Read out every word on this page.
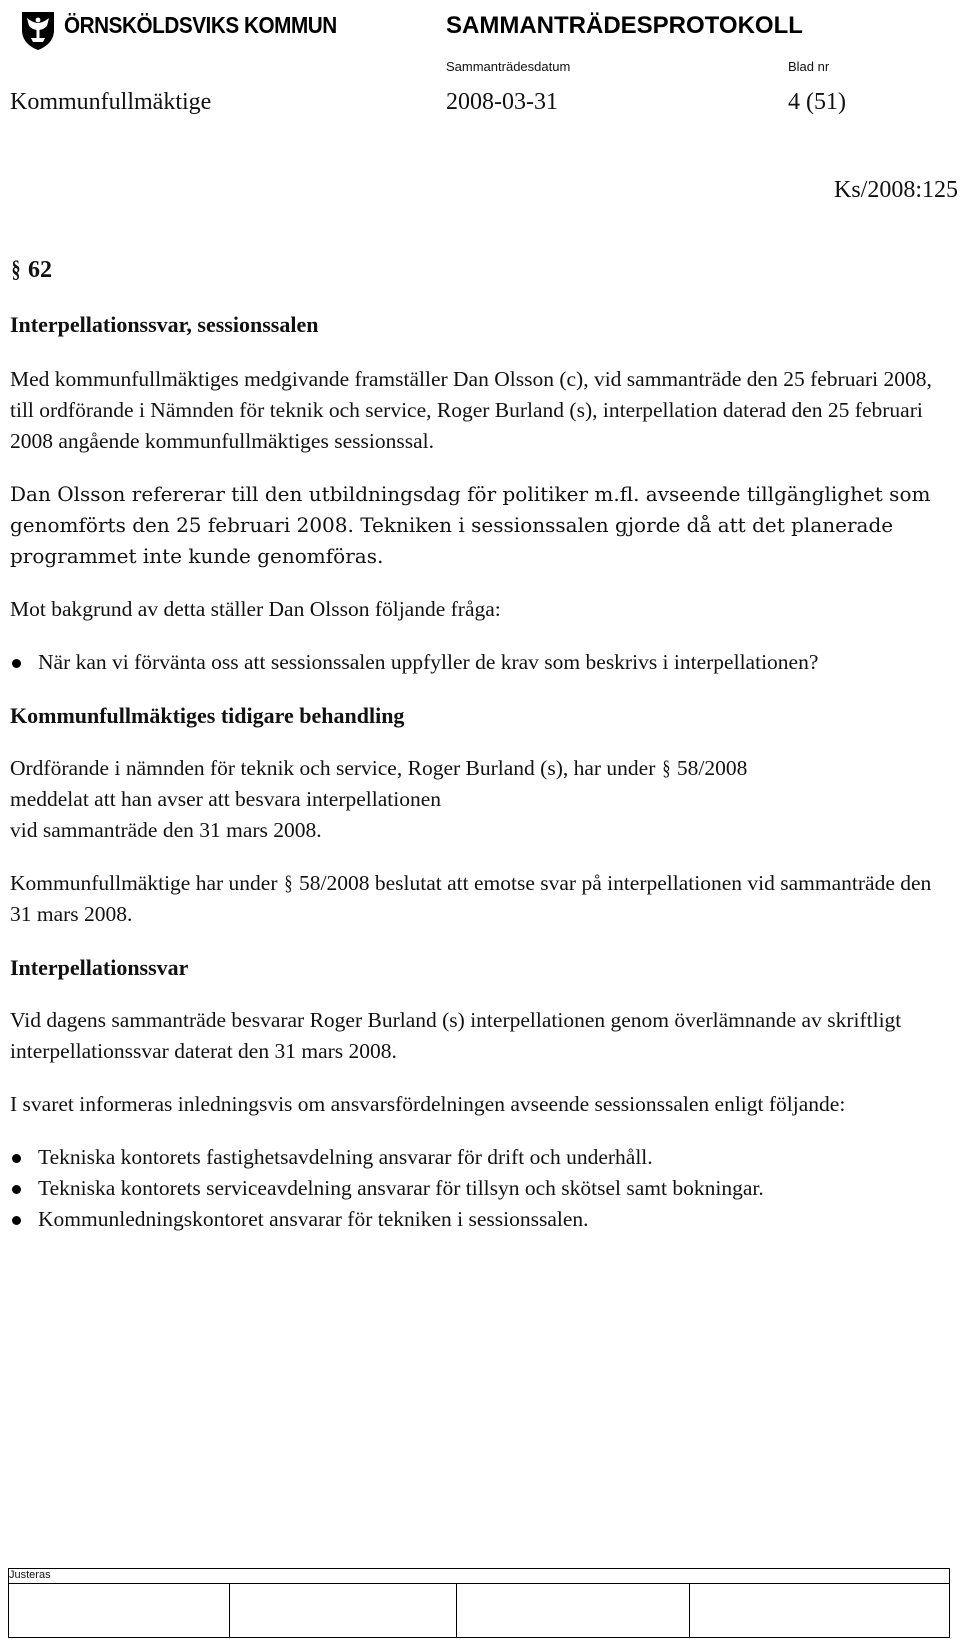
ÖRNSKÖLDSVIKS KOMMUN	SAMMANTRÄDESPROTOKOLL
Sammanträdesdatum	Blad nr
Kommunfullmäktige	2008-03-31	4 (51)
Ks/2008:125
§ 62
Interpellationssvar, sessionssalen

Med kommunfullmäktiges medgivande framställer Dan Olsson (c), vid sammanträde den 25 februari 2008, till ordförande i Nämnden för teknik och service, Roger Burland (s), interpellation daterad den 25 februari 2008 angående kommunfullmäktiges sessionssal.

Dan Olsson refererar till den utbildningsdag för politiker m.fl. avseende tillgänglighet som genomförts den 25 februari 2008. Tekniken i sessionssalen gjorde då att det planerade programmet inte kunde genomföras.

Mot bakgrund av detta ställer Dan Olsson följande fråga:

När kan vi förvänta oss att sessionssalen uppfyller de krav som beskrivs i interpellationen?
Kommunfullmäktiges tidigare behandling

Ordförande i nämnden för teknik och service, Roger Burland (s), har under § 58/2008
meddelat att han avser att besvara interpellationen
vid sammanträde den 31 mars 2008.

Kommunfullmäktige har under § 58/2008 beslutat att emotse svar på interpellationen vid sammanträde den 31 mars 2008.

Interpellationssvar

Vid dagens sammanträde besvarar Roger Burland (s) interpellationen genom överlämnande av skriftligt interpellationssvar daterat den 31 mars 2008.

I svaret informeras inledningsvis om ansvarsfördelningen avseende sessionssalen enligt följande:

Tekniska kontorets fastighetsavdelning ansvarar för drift och underhåll.
Tekniska kontorets serviceavdelning ansvarar för tillsyn och skötsel samt bokningar.
Kommunledningskontoret ansvarar för tekniken i sessionssalen.
Justeras
